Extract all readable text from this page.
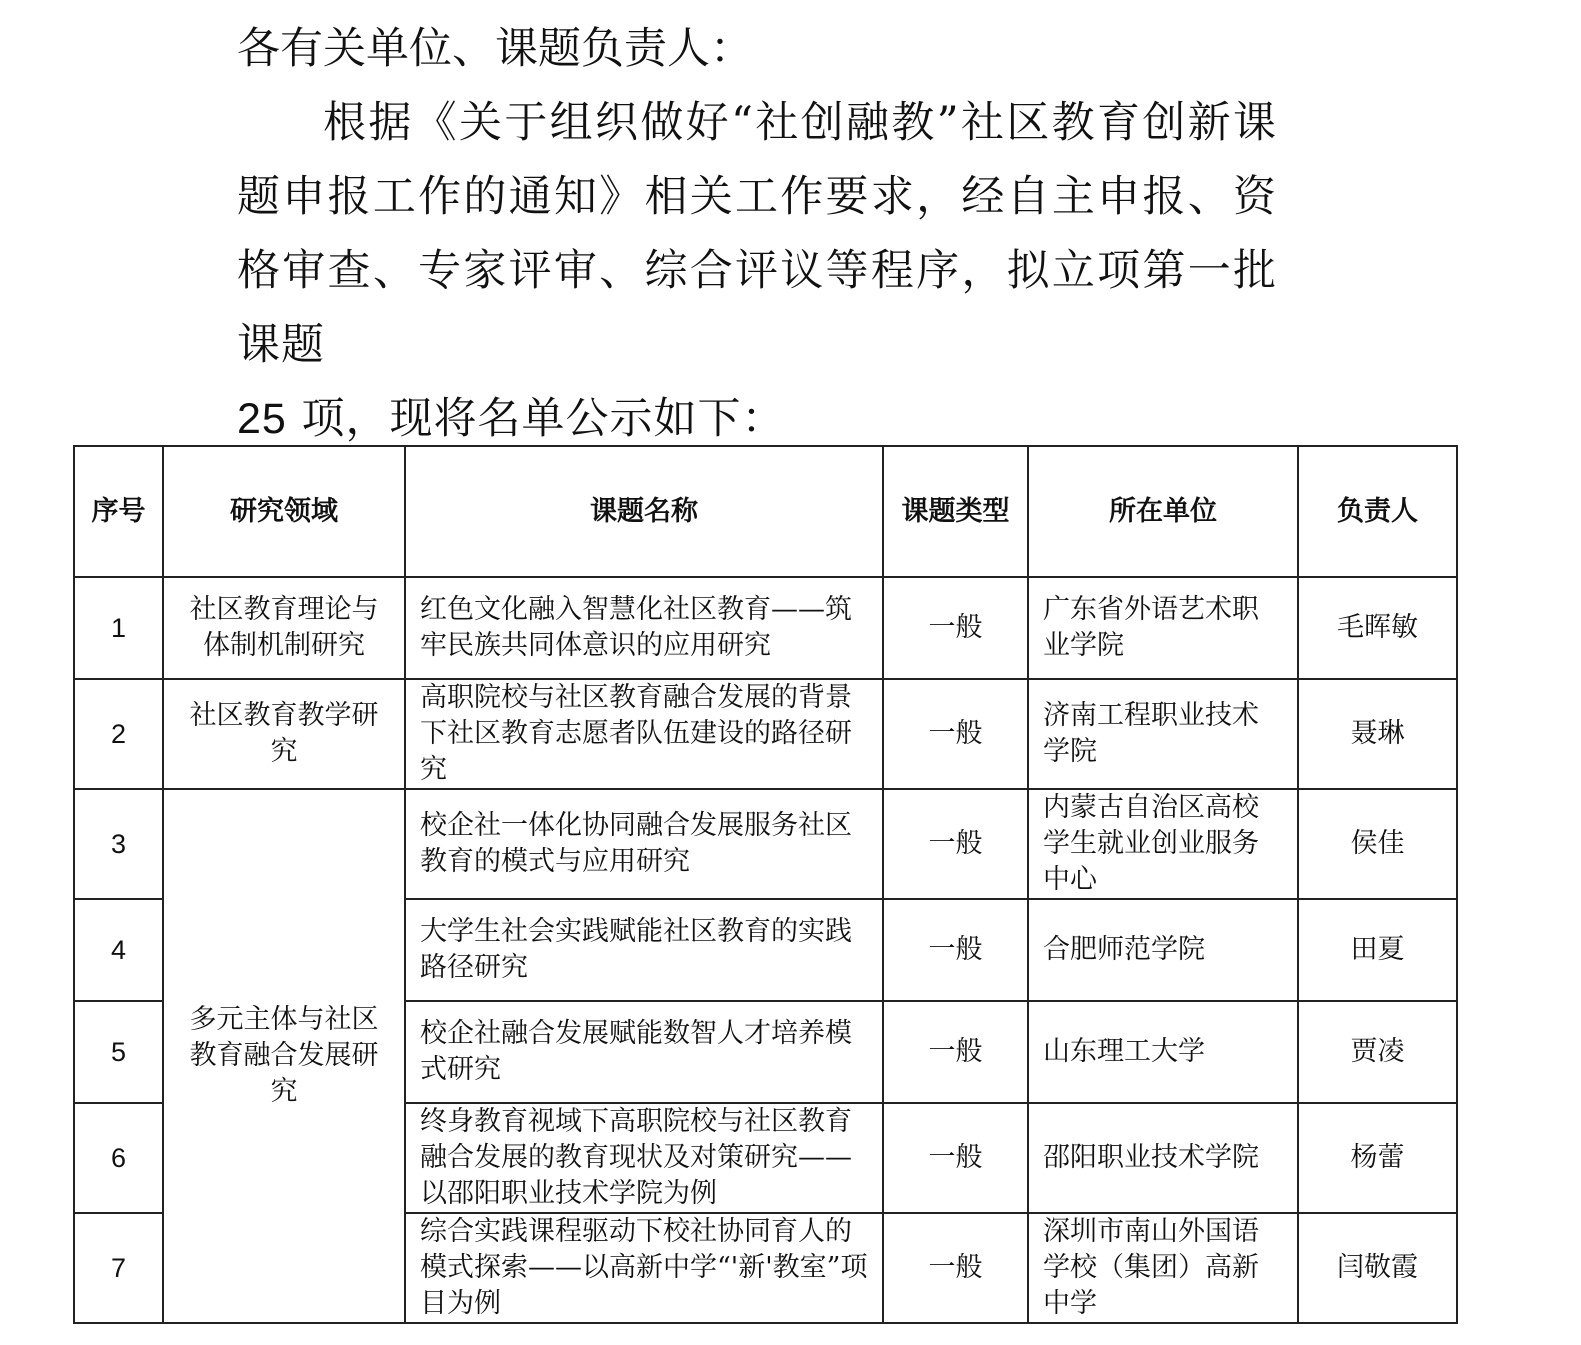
各有关单位、课题负责人：

根据《关于组织做好“社创融教”社区教育创新课题申报工作的通知》相关工作要求，经自主申报、资格审查、专家评审、综合评议等程序，拟立项第一批课题
25 项，现将名单公示如下：

序号	研究领域	课题名称	课题类型	所在单位	负责人
1	社区教育理论与体制机制研究	红色文化融入智慧化社区教育——筑牢民族共同体意识的应用研究	一般	广东省外语艺术职业学院	毛晖敏
2	社区教育教学研究	高职院校与社区教育融合发展的背景下社区教育志愿者队伍建设的路径研究	一般	济南工程职业技术学院	聂琳
3	多元主体与社区教育融合发展研究	校企社一体化协同融合发展服务社区教育的模式与应用研究	一般	内蒙古自治区高校学生就业创业服务中心	侯佳
4		大学生社会实践赋能社区教育的实践路径研究	一般	合肥师范学院	田夏
5		校企社融合发展赋能数智人才培养模式研究	一般	山东理工大学	贾凌
6		终身教育视域下高职院校与社区教育融合发展的教育现状及对策研究——以邵阳职业技术学院为例	一般	邵阳职业技术学院	杨蕾
7		综合实践课程驱动下校社协同育人的模式探索——以高新中学“'新'教室”项目为例	一般	深圳市南山外国语学校（集团）高新中学	闫敬霞
